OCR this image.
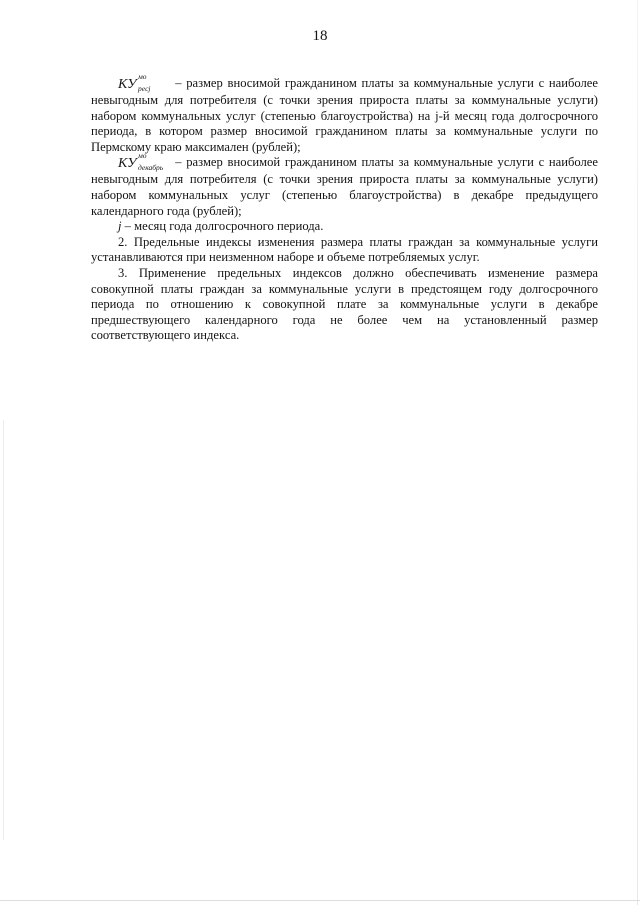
18

КУ
мо
pecj – размер вносимой гражданином платы за коммунальные услуги с наиболее невыгодным для потребителя (с точки зрения прироста платы за коммунальные услуги) набором коммунальных услуг (степенью благоустройства) на j-й месяц года долгосрочного периода, в котором размер вносимой гражданином платы за коммунальные услуги по Пермскому краю максимален (рублей);

КУ
мо
декабрь – размер вносимой гражданином платы за коммунальные услуги с наиболее невыгодным для потребителя (с точки зрения прироста платы за коммунальные услуги) набором коммунальных услуг (степенью благоустройства) в декабре предыдущего календарного года (рублей);

j – месяц года долгосрочного периода.

2. Предельные индексы изменения размера платы граждан за коммунальные услуги устанавливаются при неизменном наборе и объеме потребляемых услуг.

3. Применение предельных индексов должно обеспечивать изменение размера совокупной платы граждан за коммунальные услуги в предстоящем году долгосрочного периода по отношению к совокупной плате за коммунальные услуги в декабре предшествующего календарного года не более чем на установленный размер соответствующего индекса.
